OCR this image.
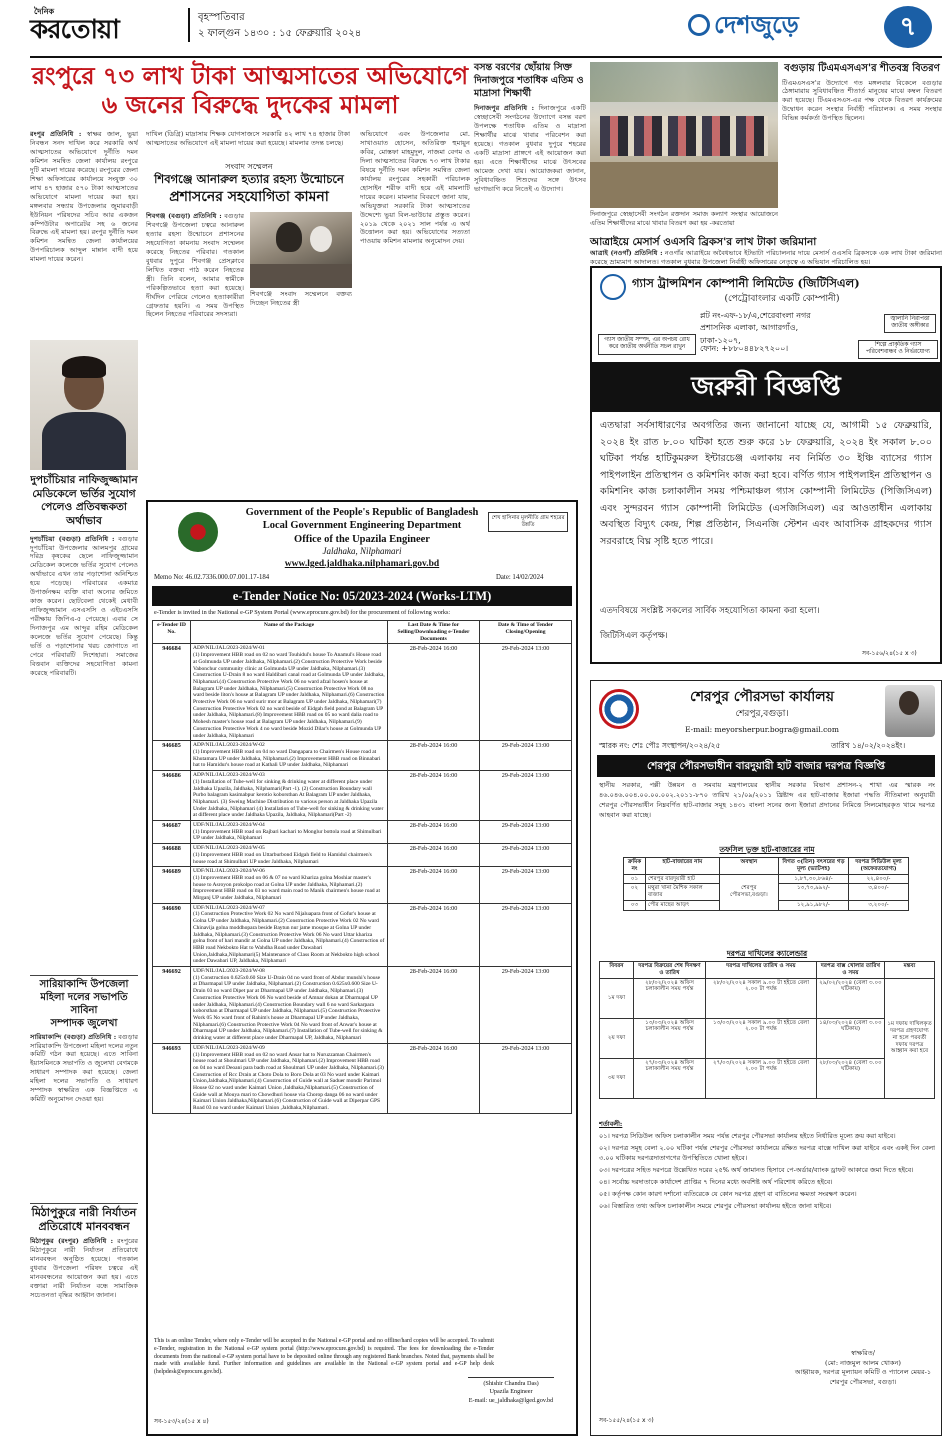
দৈনিক
করতোয়া	বৃহস্পতিবার
২ ফাল্গুন ১৪৩০ : ১৫ ফেব্রুয়ারি ২০২৪	দেশজুড়ে	৭
রংপুরে ৭৩ লাখ টাকা আত্মসাতের অভিযোগে
৬ জনের বিরুদ্ধে দুদকের মামলা
রংপুর প্রতিনিধি : স্বাক্ষর জাল, ভুয়া নিবন্ধন সনদ দাখিল করে সরকারি অর্থ আত্মসাতের অভিযোগে দুর্নীতি দমন কমিশন সমন্বিত জেলা কার্যালয় রংপুরে দুটি মামলা দায়ের করেছে। রংপুরের জেলা শিক্ষা অফিসারের কার্যালয়ে সংযুক্ত ৩০ লাখ ৪৭ হাজার ৫৭০ টাকা আত্মসাতের অভিযোগে মামলা দায়ের করা হয়। মঙ্গলবার সন্ধ্যায় উপজেলার জুমারবাড়ী ইউনিয়ন পরিষদের সচিব আর একজন কম্পিউটার অপারেটর সহ ৬ জনের বিরুদ্ধে এই মামলা হয়। রংপুর দুর্নীতি দমন কমিশন সমন্বিত জেলা কার্যালয়ের উপপরিচালক আব্দুল মান্নান বাদী হয়ে মামলা দায়ের করেন।
দাখিল (ডিগ্রি) মাদ্রাসায় শিক্ষক যোগসাজসে সরকারি ৪২ লাখ ৭৪ হাজার টাকা আত্মসাতের অভিযোগে এই মামলা দায়ের করা হয়েছে। মামলার তদন্ত চলছে।
অভিযোগে এবং উপজেলার মো. সাখাওয়াত হোসেন, অতিরিক্ত হুমায়ুন কবির, মোস্তফা মাহমুদুল, নাজমা বেগম ও দিলা আত্মসাতের বিরুদ্ধে ৭৩ লাখ টাকার বিষয়ে দুর্নীতি দমন কমিশন সমন্বিত জেলা কার্যালয় রংপুরের সহকারী পরিচালক হোসাইন শরীফ বাদী হয়ে এই মামলাটি দায়ের করেন। মামলার বিবরণে জানা যায়, অভিযুক্তরা সরকারি টাকা আত্মসাতের উদ্দেশ্যে ভুয়া বিল-ভাউচার প্রস্তুত করেন। ২০১৯ থেকে ২০২১ সাল পর্যন্ত এ অর্থ উত্তোলন করা হয়। অভিযোগের সত্যতা পাওয়ায় কমিশন মামলার অনুমোদন দেয়।
সংবাদ সম্মেলন
শিবগঞ্জে আনারুল হত্যার রহস্য উন্মোচনে
প্রশাসনের সহযোগিতা কামনা
শিবগঞ্জ (বগুড়া) প্রতিনিধি : বগুড়ার শিবগঞ্জে উপজেলা চত্বরে আনারুল হত্যার রহস্য উন্মোচনে প্রশাসনের সহযোগিতা কামনায় সংবাদ সম্মেলন করেছে নিহতের পরিবার। গতকাল বুধবার দুপুরে শিবগঞ্জ প্রেসক্লাবে লিখিত বক্তব্য পাঠ করেন নিহতের স্ত্রী। তিনি বলেন, আমার স্বামীকে পরিকল্পিতভাবে হত্যা করা হয়েছে। দীর্ঘদিন পেরিয়ে গেলেও হত্যাকারীরা গ্রেফতার হয়নি। এ সময় উপস্থিত ছিলেন নিহতের পরিবারের সদস্যরা।
শিবগঞ্জে সংবাদ সম্মেলনে বক্তব্য দিচ্ছেন নিহতের স্ত্রী
দুপচাঁচিয়ার নাফিজুজ্জামান মেডিকেলে ভর্তির সুযোগ পেলেও প্রতিবন্ধকতা অর্থাভাব
দুপচাঁচিয়া (বগুড়া) প্রতিনিধি : বগুড়ার দুপচাঁচিয়া উপজেলার আলমপুর গ্রামের দরিদ্র কৃষকের ছেলে নাফিজুজ্জামান মেডিকেল কলেজে ভর্তির সুযোগ পেলেও অর্থাভাবে এখন তার পড়াশোনা অনিশ্চিত হয়ে পড়েছে। পরিবারের একমাত্র উপার্জনক্ষম ব্যক্তি বাবা অন্যের জমিতে কাজ করেন। ছোটবেলা থেকেই মেধাবী নাফিজুজ্জামান এসএসসি ও এইচএসসি পরীক্ষায় জিপিএ-৫ পেয়েছে। এবার সে দিনাজপুর এম আব্দুর রহিম মেডিকেল কলেজে ভর্তির সুযোগ পেয়েছে। কিন্তু ভর্তি ও পড়াশোনার খরচ জোগাতে না পেরে পরিবারটি দিশেহারা। সমাজের বিত্তবান ব্যক্তিদের সহযোগিতা কামনা করেছে পরিবারটি।
সারিয়াকান্দি উপজেলা মহিলা দলের সভাপতি সাবিনা
সম্পাদক জুলেখা
সারিয়াকান্দি (বগুড়া) প্রতিনিধি : বগুড়ার সারিয়াকান্দি উপজেলা মহিলা দলের নতুন কমিটি গঠন করা হয়েছে। এতে সাবিনা ইয়াসমিনকে সভাপতি ও জুলেখা বেগমকে সাধারণ সম্পাদক করা হয়েছে। জেলা মহিলা দলের সভাপতি ও সাধারণ সম্পাদক স্বাক্ষরিত এক বিজ্ঞপ্তিতে এ কমিটি অনুমোদন দেওয়া হয়।
মিঠাপুকুরে নারী নির্যাতন প্রতিরোধে মানববন্ধন
মিঠাপুকুর (রংপুর) প্রতিনিধি : রংপুরের মিঠাপুকুরে নারী নির্যাতন প্রতিরোধে মানববন্ধন অনুষ্ঠিত হয়েছে। গতকাল বুধবার উপজেলা পরিষদ চত্বরে এই মানববন্ধনের আয়োজন করা হয়। এতে বক্তারা নারী নির্যাতন বন্ধে সামাজিক সচেতনতা বৃদ্ধির আহ্বান জানান।
বসন্ত বরণের ছোঁয়ায় সিক্ত দিনাজপুরে শতাধিক এতিম ও মাদ্রাসা শিক্ষার্থী
দিনাজপুর প্রতিনিধি : দিনাজপুরে একটি স্বেচ্ছাসেবী সংগঠনের উদ্যোগে বসন্ত বরণ উপলক্ষে শতাধিক এতিম ও মাদ্রাসা শিক্ষার্থীর মাঝে খাবার পরিবেশন করা হয়েছে। গতকাল বুধবার দুপুরে শহরের একটি মাদ্রাসা প্রাঙ্গণে এই আয়োজন করা হয়। এতে শিক্ষার্থীদের মাঝে উৎসবের আমেজ দেখা যায়। আয়োজকরা জানান, সুবিধাবঞ্চিত শিশুদের সঙ্গে উৎসব ভাগাভাগি করে নিতেই এ উদ্যোগ।
দিনাজপুরে স্বেচ্ছাসেবী সংগঠন রক্তদান সমাজ কল্যাণ সংস্থার আয়োজনে এতিম শিক্ষার্থীদের মাঝে খাবার বিতরণ করা হয় -করতোয়া
বগুড়ায় টিএমএসএস'র শীতবস্ত্র বিতরণ
টিএমএসএস'র উদ্যোগে গত মঙ্গলবার বিকেলে বগুড়ার ঠেঙ্গামারায় সুবিধাবঞ্চিত শীতার্ত মানুষের মাঝে কম্বল বিতরণ করা হয়েছে। টিএমএসএস-এর পক্ষ থেকে বিতরণ কার্যক্রমের উদ্বোধন করেন সংস্থার নির্বাহী পরিচালক। এ সময় সংস্থার বিভিন্ন কর্মকর্তা উপস্থিত ছিলেন।
আত্রাইয়ে মেসার্স ওএসবি ব্রিকস'র লাখ টাকা জরিমানা
আত্রাই (নওগাঁ) প্রতিনিধি : নওগাঁর আত্রাইয়ে অবৈধভাবে ইটভাটা পরিচালনার দায়ে মেসার্স ওএসবি ব্রিকসকে এক লাখ টাকা জরিমানা করেছে ভ্রাম্যমাণ আদালত। গতকাল বুধবার উপজেলা নির্বাহী অফিসারের নেতৃত্বে এ অভিযান পরিচালিত হয়।
গ্যাস ট্রান্সমিশন কোম্পানী লিমিটেড (জিটিসিএল)
(পেট্রোবাংলার একটি কোম্পানী)
প্লট নং-এফ-১৮/এ,শেরেবাংলা নগর প্রশাসনিক এলাকা, আগারগাঁও, ঢাকা-১২০৭,
ফোন: +৮৮০৪৪৮২৭২০০।
গ্যাস জাতীয় সম্পদ, এর অপচয় রোধ করে জাতীয় অর্থনীতি সচল রাখুন
জ্বালানি নিরাপত্তা জাতীয় অঙ্গীকার
শিল্পে প্রাকৃতিক গ্যাস পরিবেশবান্ধব ও নির্ভরযোগ্য
জরুরী বিজ্ঞপ্তি
এতদ্বারা সর্বসাধারণের অবগতির জন্য জানানো যাচ্ছে যে, আগামী ১৫ ফেব্রুয়ারি, ২০২৪ ইং রাত ৮.০০ ঘটিকা হতে শুরু করে ১৮ ফেব্রুয়ারি, ২০২৪ ইং সকাল ৮.০০ ঘটিকা পর্যন্ত হাটিকুমরুল ইন্টারচেঞ্জ এলাকায় নব নির্মিত ৩০ ইঞ্চি ব্যাসের গ্যাস পাইপলাইন প্রতিস্থাপন ও কমিশনিং কাজ করা হবে। বর্ণিত গ্যাস পাইপলাইন প্রতিস্থাপন ও কমিশনিং কাজ চলাকালীন সময় পশ্চিমাঞ্চল গ্যাস কোম্পানী লিমিটেড (পিজিসিএল) এবং সুন্দরবন গ্যাস কোম্পানী লিমিটেড (এসজিসিএল) এর আওতাধীন এলাকায় অবস্থিত বিদ্যুৎ কেন্দ্র, শিল্প প্রতিষ্ঠান, সিএনজি স্টেশন এবং আবাসিক গ্রাহকদের গ্যাস সরবরাহে বিঘ্ন সৃষ্টি হতে পারে।
এতদবিষয়ে সংশ্লিষ্ট সকলের সার্বিক সহযোগিতা কামনা করা হলো।
জিটিসিএল কর্তৃপক্ষ।
সব-১৫৬/২৪(১৫ x ৩)
শেরপুর পৌরসভা কার্যালয়
শেরপুর,বগুড়া।
E-mail: meyorsherpur.bogra@gmail.com
স্মারক নং: শেঃ পৌঃ সংস্থাপন/২০২৪/২৫	তারিখ ১৪/০২/২০২৪ইং।
শেরপুর পৌরসভাধীন বারদুয়ারী হাট বাজার দরপত্র বিজ্ঞপ্তি
স্থানীয় সরকার, পল্লী উন্নয়ন ও সমবায় মন্ত্রণালয়ের স্থানীয় সরকার বিভাগ প্রশাসন-২ শাখা এর স্মারক নং ৪৬.০৪৬.০০৪.০০.০০.০০২.২০১১-৮৭০ তারিখ ২১/০৯/২০১১ খ্রিষ্টাব্দ এর হাট-বাজার ইজারা পদ্ধতি নীতিমালা অনুযায়ী শেরপুর পৌরসভাধীন নিম্নবর্ণিত হাট-বাজার সমূহ ১৪৩১ বাংলা সনের জন্য ইজারা প্রদানের নিমিত্তে সিলমোহরকৃত খামে দরপত্র আহবান করা যাচ্ছে।
তফসিল ভুক্ত হাট-বাজারের নাম
ক্রমিক নং	হাট-বাজারের নাম	অবস্থান	বিগত ৩(তিন) বৎসরের গড় মূল্য (ভ্যাটসহ)	দরপত্র সিডিউল মূল্য (অফেরতযোগ্য)
০১	শেরপুর বারদুয়ারী হাট	শেরপুর পৌরসভা,বগুড়া।	১,৮৭,৩০,৮৬৪/-	২২,৪০০/-
০২	মথুরা খানা মৈশিক সকাল বাজার		১৩,৭৩,৯৯২/-	৩,৪০০/-
০৩	পৌর মাছের আড়ৎ		১২,৯১,৯৮২/-	৩,২০০/-
দরপত্র দাখিলের ক্যালেন্ডার
বিবরন	দরপত্র বিক্রয়ের শেষ দিনক্ষণ ও তারিখ	দরপত্র দাখিলের তারিখ ও সময়	দরপত্র বাক্স খোলার তারিখ ও সময়	মন্তব্য
১ম দফা	২৮/০২/২০২৪ অফিস চলাকালীন সময় পর্যন্ত	২৮/০২/২০২৪ সকাল ৯.০০ টা হইতে বেলা ২.০০ টা পর্যন্ত	২৯/০২/২০২৪ (বেলা ৩.০০ ঘটিকায়)	১ম দফায় দাখিলকৃত দরপত্র গ্রহণযোগ্য না হলে পরবর্তী দফায় দরপত্র আহ্বান করা হবে
২য় দফা	১৩/০৩/২০২৪ অফিস চলাকালীন সময় পর্যন্ত	১৩/০৩/২০২৪ সকাল ৯.০০ টা হইতে বেলা ২.০০ টা পর্যন্ত	১৪/০৩/২০২৪ (বেলা ৩.০০ ঘটিকায়)	
৩য় দফা	২৭/০৩/২০২৪ অফিস চলাকালীন সময় পর্যন্ত	২৭/০৩/২০২৪ সকাল ৯.০০ টা হইতে বেলা ২.০০ টা পর্যন্ত	২৮/০৩/২০২৪ (বেলা ৩.০০ ঘটিকায়)	
শর্তাবলী:
০১। দরপত্র সিডিউল অফিস চলাকালীন সময় পর্যন্ত শেরপুর পৌরসভা কার্যালয় হইতে নির্ধারিত মূল্যে ক্রয় করা যাইবে।
০২। দরপত্র সমূহ বেলা ২.০০ ঘটিকা পর্যন্ত শেরপুর পৌরসভা কার্যালয়ে রক্ষিত দরপত্র বাক্সে দাখিল করা যাইবে এবং একই দিন বেলা ৩.০০ ঘটিকায় দরপত্রদাতাগণের উপস্থিতিতে খোলা হইবে।
০৩। দরপত্রের সহিত দরপত্রে উল্লেখিত দরের ২৫% অর্থ জামানত হিসাবে পে-অর্ডার/ব্যাংক ড্রাফট আকারে জমা দিতে হইবে।
০৪। সর্বোচ্চ দরদাতাকে কার্যাদেশ প্রাপ্তির ৭ দিনের মধ্যে অবশিষ্ট অর্থ পরিশোধ করিতে হইবে।
০৫। কর্তৃপক্ষ কোন কারণ দর্শানো ব্যতিরেকে যে কোন দরপত্র গ্রহণ বা বাতিলের ক্ষমতা সংরক্ষণ করেন।
০৬। বিস্তারিত তথ্য অফিস চলাকালীন সময়ে শেরপুর পৌরসভা কার্যালয় হইতে জানা যাইবে।
স্বাক্ষরিত/
(মো: নাজমুল আলম খোকন)
আহ্বায়ক, দরপত্র মূল্যায়ন কমিটি ও প্যানেল মেয়র-১
শেরপুর পৌরসভা, বগুড়া।
সব-১৫৫/২৪(১৫ x ৩)
Government of the People's Republic of Bangladesh
Local Government Engineering Department
Office of the Upazila Engineer
Jaldhaka, Nilphamari
www.lged.jaldhaka.nilphamari.gov.bd
শেখ হাসিনার মূলনীতি গ্রাম শহরের উন্নতি
Memo No: 46.02.7336.000.07.001.17-184	Date: 14/02/2024
e-Tender Notice No: 05/2023-2024 (Works-LTM)
e-Tender is invited in the National e-GP System Portal (www.eprocure.gov.bd) for the procurement of following works:
e-Tender ID No.	Name of the Package	Last Date & Time for Selling/Downloading e-Tender Documents	Date & Time of Tender Closing/Opening
946684	ADP/NIL/JAL/2023-2024/W-01
(1) Improvement HBB road on 02 no ward Touhidul's house To Anamul's House road at Golmunda UP under Jaldhaka, Nilphamari.(2) Construction Protective Work beside Vabonchur community clinic at Golmunda UP under Jaldhaka, Nilphamari.(3) Construction U-Drain 8 no ward Haldibari canal road at Golmunda UP under Jaldhaka, Nilphamari.(4) Construction Protective Work 06 no ward afzal hosen's house at Balagram UP under Jaldhaka, Nilphamari.(5) Construction Protective Work 08 no ward beside liton's house at Balagram UP under Jaldhaka, Nilphamari.(6) Construction Protective Work 06 no ward surir mor at Balagram UP under Jaldhaka, Nilphamari(7) Construction Protective Work 02 no ward beside of Eidgah field pond at Balagram UP under Jaldhaka, Nilphamari.(8) Improvement HBB road on 05 no ward dalia road to Mohesh master's house road at Balagram UP under Jaldhaka, Nilphamari.(9) Construction Protective Work 4 no ward beside Mozid Dilar's house at Golmunda UP under Jaldhaka, Nilphamari	28-Feb-2024 16:00	29-Feb-2024 13:00
946685	ADP/NIL/JAL/2023-2024/W-02
(1) Improvement HBB road on 04 no ward Dangapara to Chairmen's House road at Khutamara UP under Jaldhaka, Nilphamari.(2) Improvement HBB road on Binnabari hat to Hamidur's house road at Kathali UP under Jaldhaka, Nilphamari	28-Feb-2024 16:00	29-Feb-2024 13:00
946686	ADP/NIL/JAL/2023-2024/W-03
(1) Installation of Tube-well for sinking & drinking water at different place under Jaldhaka Upazila, Jaldhaka, Nilphamari(Part -1). (2) Construction Boundary wall Purbo balagram kasimabpur kerotio koborsthan At Balagram UP under Jaldhaka, Nilphamari. (3) Sweing Machine Distribution to various person at Jaldhaka Upazila Under Jaldhaka, Nilphamari (4) Installation of Tube-well for sinking & drinking water at different place under Jaldhaka Upazila, Jaldhaka, Nilphamari(Part -2)	28-Feb-2024 16:00	29-Feb-2024 13:00
946687	UDF/NIL/JAL/2023-2024/W-04
(1) Improvement HBB road on Rajbari kachari to Monglur bottola road at Shimulbari UP under Jaldhaka, Nilphamari	28-Feb-2024 16:00	29-Feb-2024 13:00
946688	UDF/NIL/JAL/2023-2024/W-05
(1) Improvement HBB road on Uttarburbond Eidgah field to Hamidul chairmen's house road at Shimulbari UP under Jaldhaka, Nilphamari	28-Feb-2024 16:00	29-Feb-2024 13:00
946689	UDF/NIL/JAL/2023-2024/W-06
(1) Improvement HBB road on 06 & 07 no ward Khariza golna Moshiar master's house to Asroyon prokolpo road at Golna UP under Jaldhaka, Nilphamari.(2) Improvement HBB road on 03 no ward main road to Manik chairmen's house road at Mirganj UP under Jaldhaka, Nilphamari	28-Feb-2024 16:00	29-Feb-2024 13:00
946690	UDF/NIL/JAL/2023-2024/W-07
(1) Construction Protective Work 02 No ward Nijaluapara front of Gofur's house at Golna UP under Jaldhaka, Nilphamari.(2) Construction Protective Work 02 No ward Chinavija golna moddhopara beside Baytun nur jame mosque at Golna UP under Jaldhaka, Nilphamari.(3) Construction Protective Work 06 No ward Uttar khariza golna front of hari mandir at Golna UP under Jaldhaka, Nilphamari.(4) Construction of HBB road Nekbokto Hat to Wahdha Road under Dawabari Union,Jaldhaka,Nilphamari(5) Maintenance of Class Room at Nekbokto high school under Dawabari UP, Jaldhaka, Nilphamari	28-Feb-2024 16:00	29-Feb-2024 13:00
946692	UDF/NIL/JAL/2023-2024/W-08
(1) Construction 0.625x0.60 Size U-Drain 04 no ward front of Abdur munshi's house at Dharmapal UP under Jaldhaka, Nilphamari.(2) Construction 0.625x0.600 Size U-Drain 03 no ward Dipet par at Dharmapal UP under Jaldhaka, Nilphamari.(3) Construction Protective Work 06 No ward beside of Amnar dokan at Dharmapal UP under Jaldhaka, Nilphamari.(4) Construction Boundary wall 6 no ward Sarkarpara koborsthan at Dharmapal UP under Jaldhaka, Nilphamari.(5) Construction Protective Work 05 No ward front of Rahim's house at Dharmapal UP under Jaldhaka, Nilphamari.(6) Construction Protective Work 04 No ward front of Anwar's house at Dharmapal UP under Jaldhaka, Nilphamari.(7) Installation of Tube-well for sinking & drinking water at different place under Dharmapal UP, Jaldhaka, Nilphamari	28-Feb-2024 16:00	29-Feb-2024 13:00
946693	UDF/NIL/JAL/2023-2024/W-09
(1) Improvement HBB road on 02 no ward Ansar hat to Nuruzzaman Chairmen's house road at Shoulmari UP under Jaldhaka, Nilphamari.(2) Improvement HBB road on 04 no ward Deoani para badh road at Shoulmari UP under Jaldhaka, Nilphamari.(3) Construction of Rcc Drain at Choto Dola to Boro Dola at 03 No ward under Kaimari Union,Jaldhaka,Nilphamari.(4) Construction of Guide wall at Saduer mondir Parimol House 02 no ward under Kaimari Union ,Jaldhaka,Nilphamari.(5) Construction of Guide wall at Mouya mari to Chowdhuri house via Chorop danga 06 no ward under Kaimari Union Jaldhaka,Nilphamari.(6) Construction of Guide wall at Diperpar GPS Road 03 no ward under Kaimari Union ,Jaldhaka,Nilphamari.	28-Feb-2024 16:00	29-Feb-2024 13:00
This is an online Tender, where only e-Tender will be accepted in the National e-GP portal and no offline/hard copies will be accepted. To submit e-Tender, registration in the National e-GP system portal (http://www.eprocure.gov.bd) is required. The fees for downloading the e-Tender documents from the national e-GP system portal have to be deposited online through any registered Bank branches. Noted that, payments shall be made with available fund. Further information and guidelines are available in the National e-GP system portal and e-GP help desk (helpdesk@eprocure.gov.bd).
(Shishir Chandra Das)
Upazila Engineer
E-mail: ue_jaldhaka@lged.gov.bd
সব-১৫৩/২৪(১৫ x ৪)
